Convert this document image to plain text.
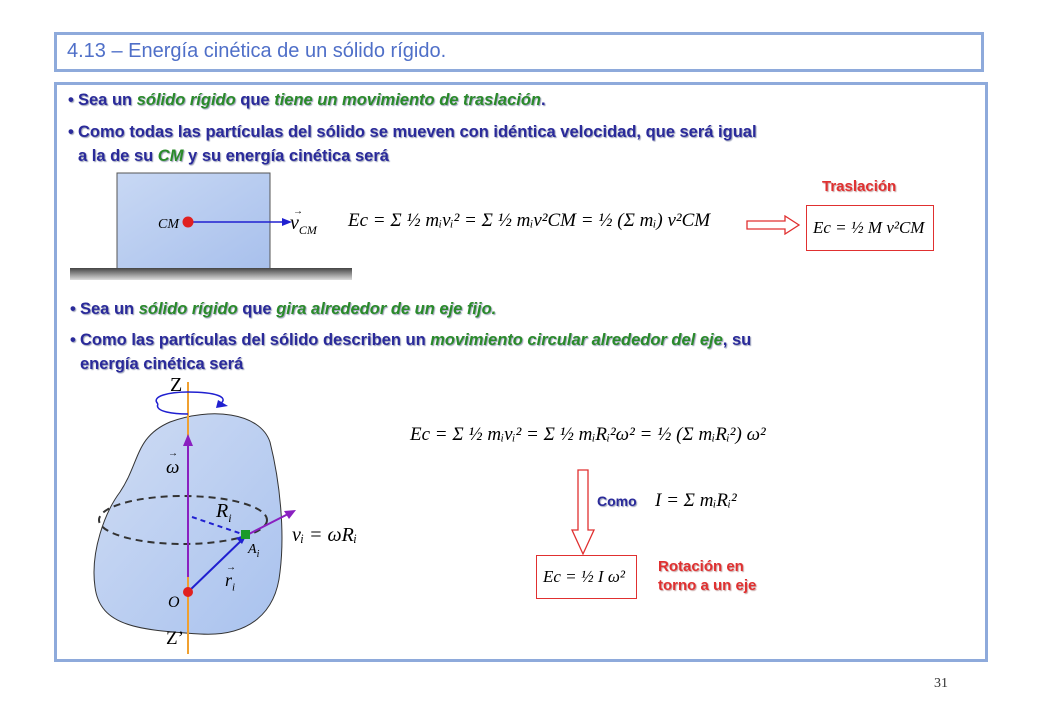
4.13 – Energía cinética de un sólido rígido.
• Sea un sólido rígido que tiene un movimiento de traslación.
• Como todas las partículas del sólido se mueven con idéntica velocidad, que será igual
a la de su CM y su energía cinética será
CM	$v_{CM}$
→ Ec = Σ ½ mᵢvᵢ² = Σ ½ mᵢv²CM = ½ (Σ mᵢ) v²CM
Traslación
Ec = ½ M v²CM
• Sea un sólido rígido que gira alrededor de un eje fijo.
• Como las partículas del sólido describen un movimiento circular alrededor del eje, su
energía cinética será
Z
Z’
O
ω
→
$R_i$
$A_i$
$r_i$
→
vᵢ = ωRᵢ
Ec = Σ ½ mᵢvᵢ² = Σ ½ mᵢRᵢ²ω² = ½ (Σ mᵢRᵢ²) ω²
Como I = Σ mᵢRᵢ²
Ec = ½ I ω²
Rotación en
torno a un eje
31
